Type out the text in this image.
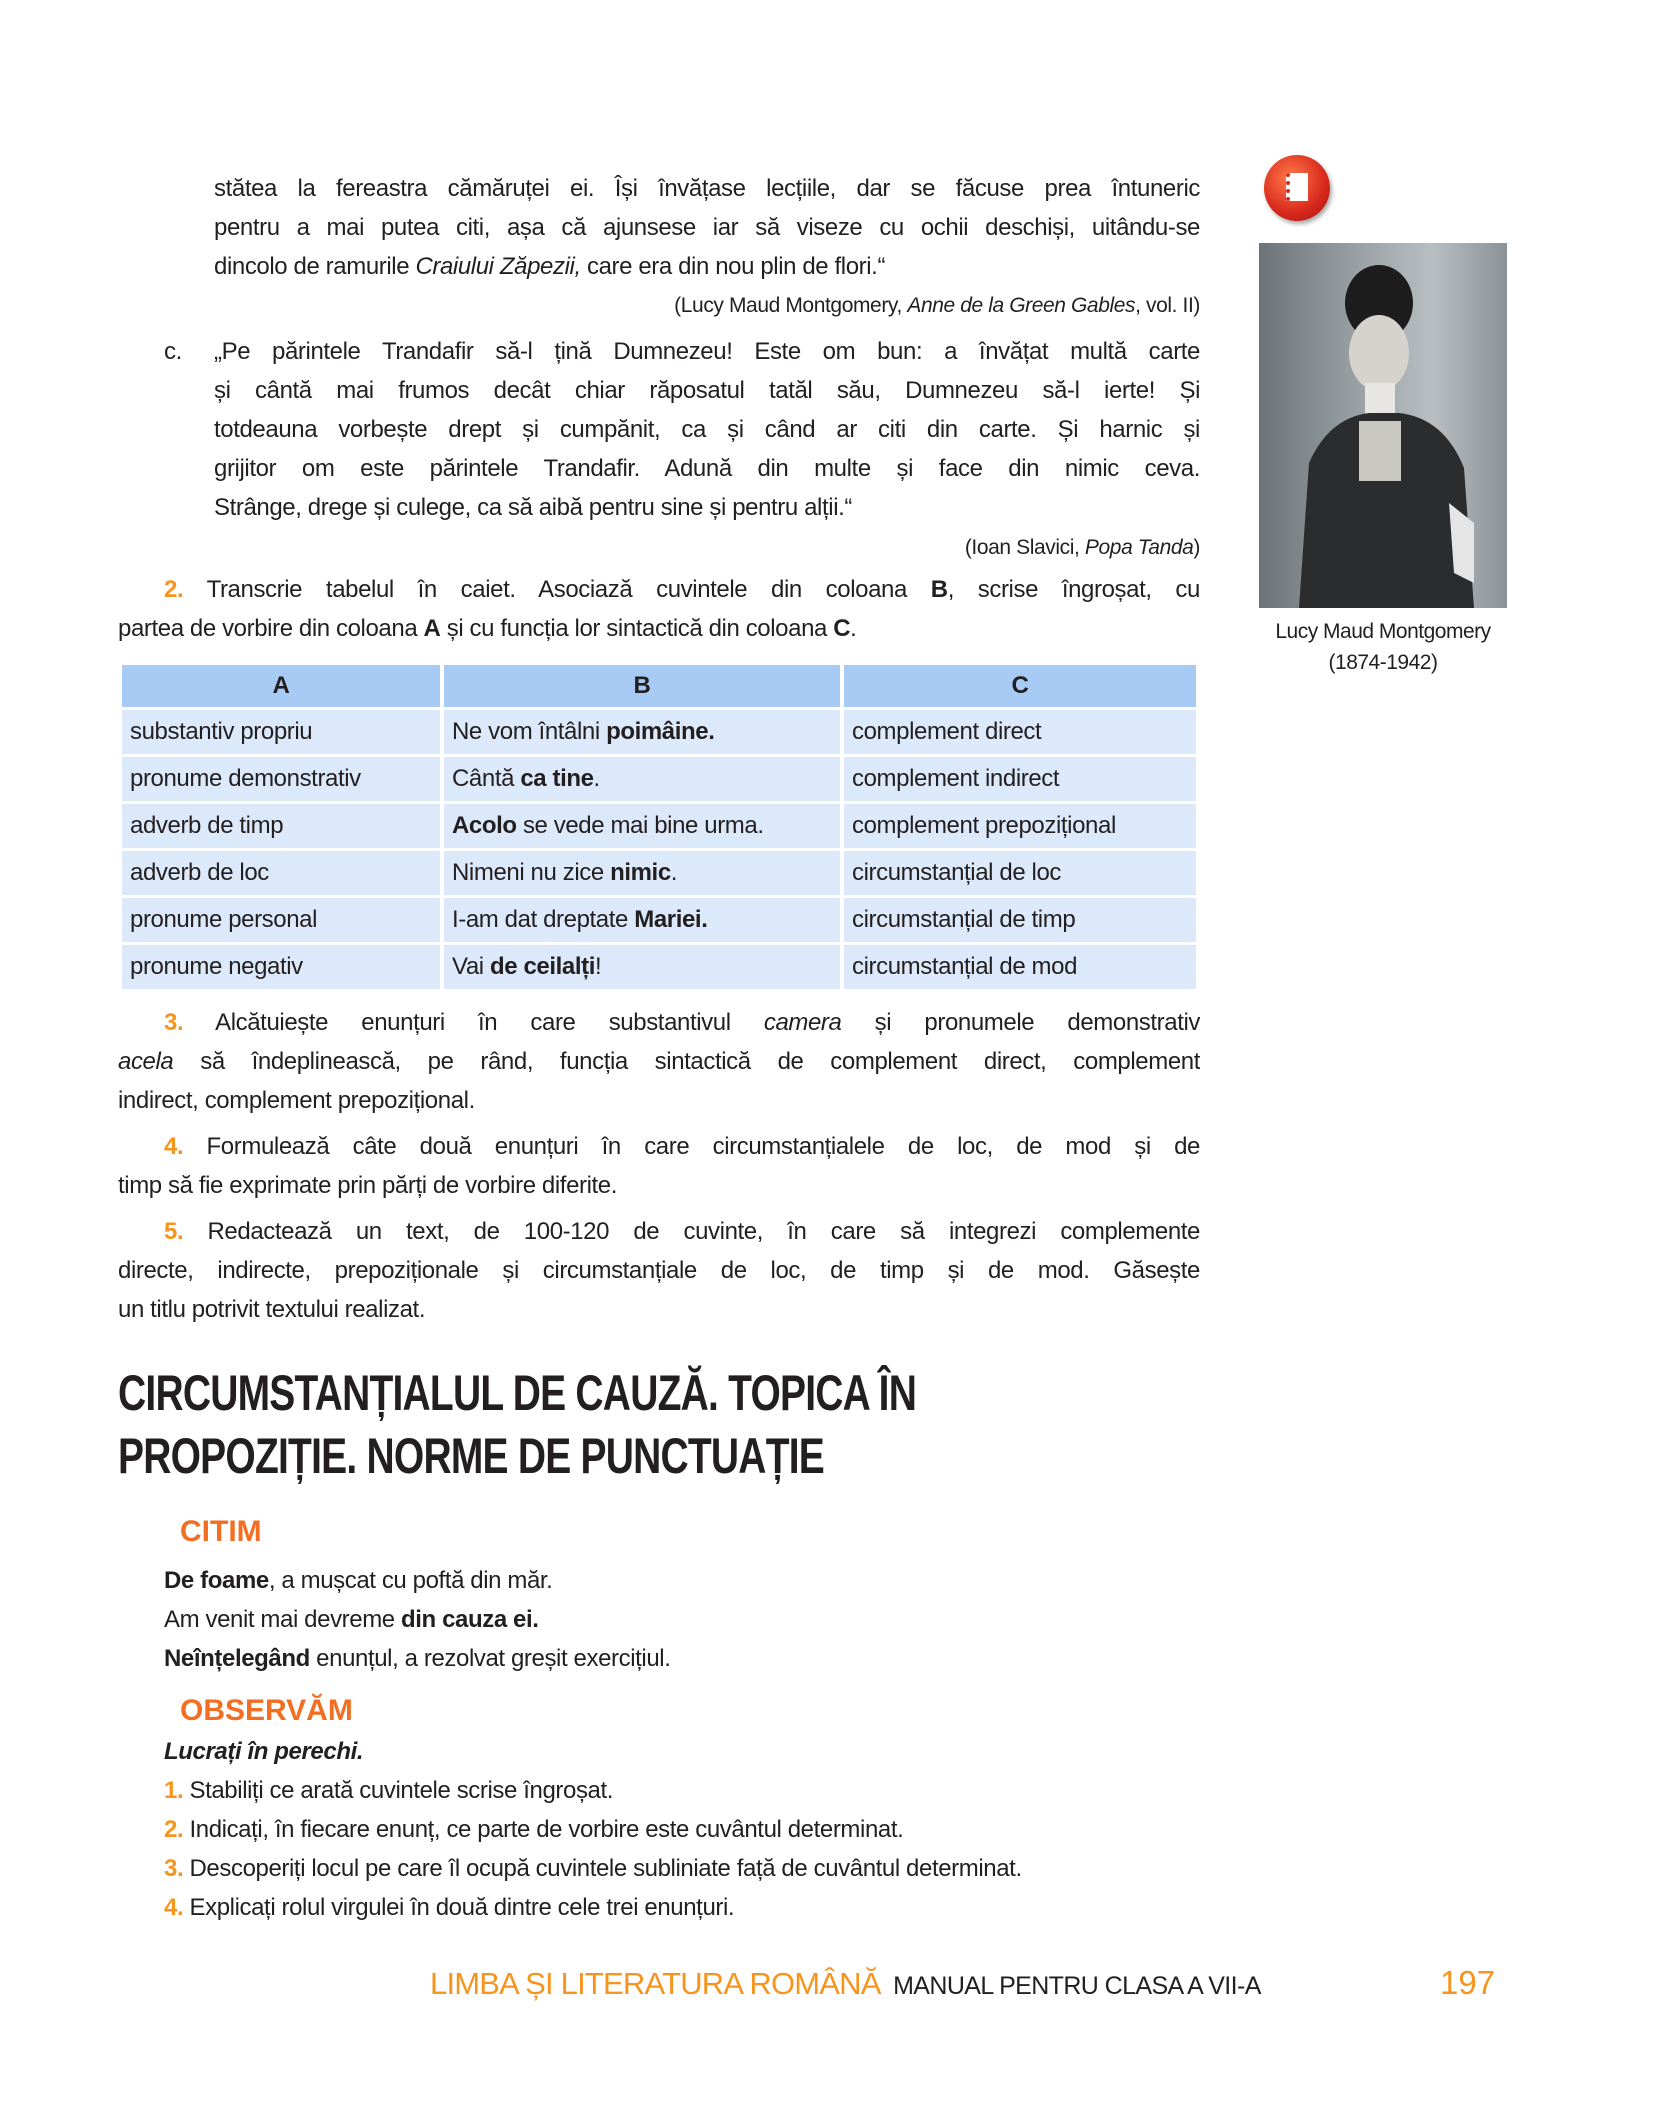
stătea la fereastra cămăruței ei. Își învățase lecțiile, dar se făcuse prea întuneric
pentru a mai putea citi, așa că ajunsese iar să viseze cu ochii deschiși, uitându-se
dincolo de ramurile Craiului Zăpezii, care era din nou plin de flori.“
(Lucy Maud Montgomery, Anne de la Green Gables, vol. II)
c. „Pe părintele Trandafir să-l țină Dumnezeu! Este om bun: a învățat multă carte
și cântă mai frumos decât chiar răposatul tatăl său, Dumnezeu să-l ierte! Și
totdeauna vorbește drept și cumpănit, ca și când ar citi din carte. Și harnic și
grijitor om este părintele Trandafir. Adună din multe și face din nimic ceva.
Strânge, drege și culege, ca să aibă pentru sine și pentru alții.“
(Ioan Slavici, Popa Tanda)
2. Transcrie tabelul în caiet. Asociază cuvintele din coloana B, scrise îngroșat, cu
partea de vorbire din coloana A și cu funcția lor sintactică din coloana C.	Lucy Maud Montgomery
(1874-1942)
A	B	C
substantiv propriu	Ne vom întâlni poimâine.	complement direct
pronume demonstrativ	Cântă ca tine.	complement indirect
adverb de timp	Acolo se vede mai bine urma.	complement prepozițional
adverb de loc	Nimeni nu zice nimic.	circumstanțial de loc
pronume personal	I-am dat dreptate Mariei.	circumstanțial de timp
pronume negativ	Vai de ceilalți!	circumstanțial de mod
3. Alcătuiește enunțuri în care substantivul camera și pronumele demonstrativ
acela să îndeplinească, pe rând, funcția sintactică de complement direct, complement
indirect, complement prepozițional.
4. Formulează câte două enunțuri în care circumstanțialele de loc, de mod și de
timp să fie exprimate prin părți de vorbire diferite.
5. Redactează un text, de 100-120 de cuvinte, în care să integrezi complemente
directe, indirecte, prepoziționale și circumstanțiale de loc, de timp și de mod. Găsește
un titlu potrivit textului realizat.
CIRCUMSTANȚIALUL DE CAUZĂ. TOPICA ÎN
PROPOZIȚIE. NORME DE PUNCTUAȚIE
CITIM
De foame, a mușcat cu poftă din măr.
Am venit mai devreme din cauza ei.
Neînțelegând enunțul, a rezolvat greșit exercițiul.
OBSERVĂM
Lucrați în perechi.
1. Stabiliți ce arată cuvintele scrise îngroșat.
2. Indicați, în fiecare enunț, ce parte de vorbire este cuvântul determinat.
3. Descoperiți locul pe care îl ocupă cuvintele subliniate față de cuvântul determinat.
4. Explicați rolul virgulei în două dintre cele trei enunțuri.
LIMBA ȘI LITERATURA ROMÂNĂ MANUAL PENTRU CLASA A VII-A	197
